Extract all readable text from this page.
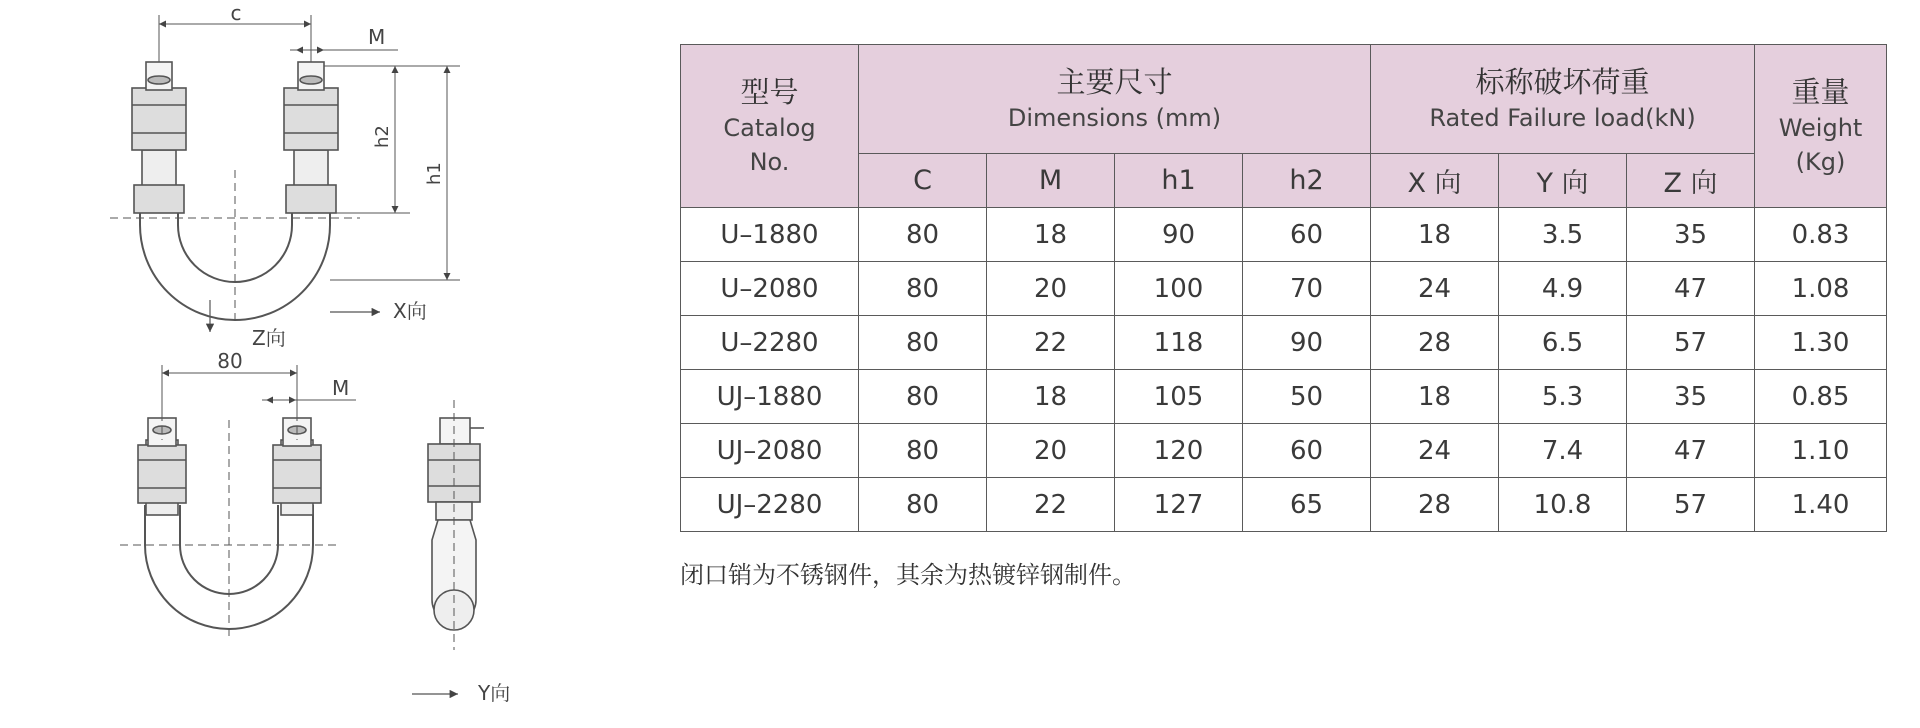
c
M
h2
h1
X向
Z向
80
M
Y向
型号
Catalog
No.	主要尺寸
Dimensions (mm)				标称破坏荷重
Rated Failure load(kN)			重量
Weight
(Kg)

	C	M	h1	h2	X 向	Y 向	Z 向	
U–1880	80	18	90	60	18	3.5	35	0.83
U–2080	80	20	100	70	24	4.9	47	1.08
U–2280	80	22	118	90	28	6.5	57	1.30
UJ–1880	80	18	105	50	18	5.3	35	0.85
UJ–2080	80	20	120	60	24	7.4	47	1.10
UJ–2280	80	22	127	65	28	10.8	57	1.40

闭口销为不锈钢件，其余为热镀锌钢制件。
